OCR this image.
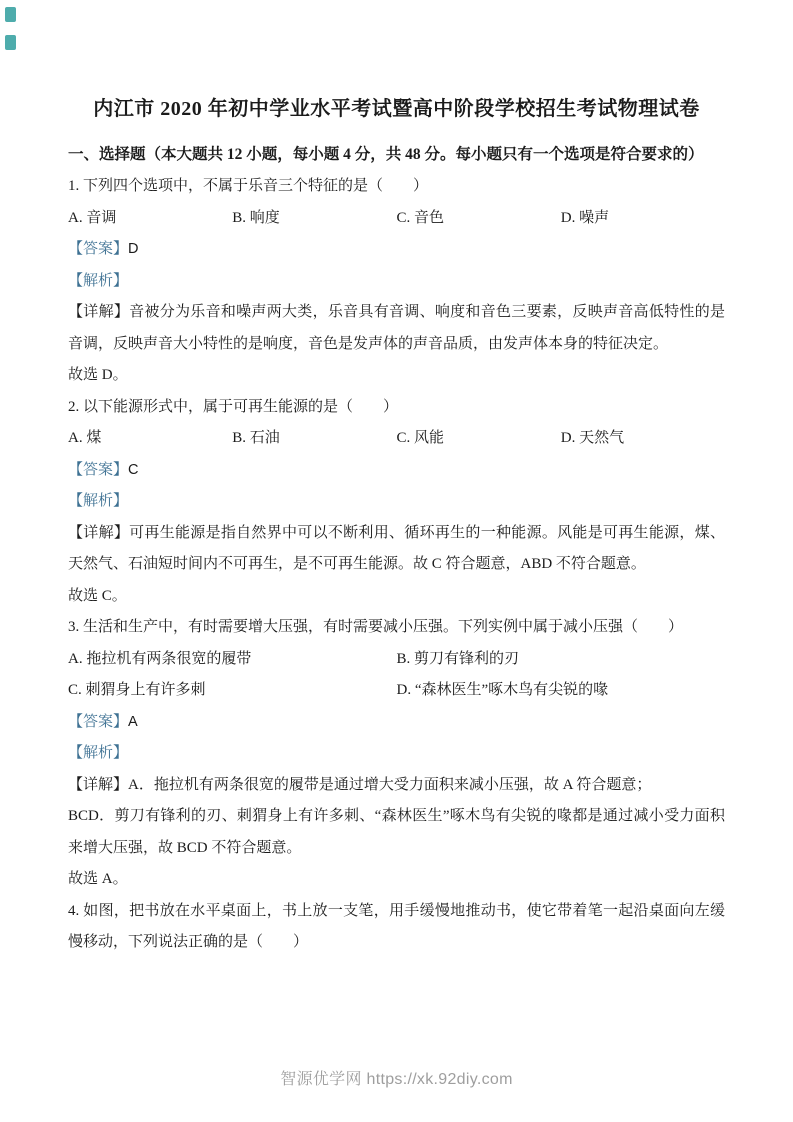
内江市 2020 年初中学业水平考试暨高中阶段学校招生考试物理试卷
一、选择题（本大题共 12 小题，每小题 4 分，共 48 分。每小题只有一个选项是符合要求的）

1. 下列四个选项中，不属于乐音三个特征的是（　　）

A. 音调	B. 响度	C. 音色	D. 噪声

【答案】D

【解析】

【详解】音被分为乐音和噪声两大类，乐音具有音调、响度和音色三要素，反映声音高低特性的是音调，反映声音大小特性的是响度，音色是发声体的声音品质，由发声体本身的特征决定。

故选 D。

2. 以下能源形式中，属于可再生能源的是（　　）

A. 煤	B. 石油	C. 风能	D. 天然气

【答案】C

【解析】

【详解】可再生能源是指自然界中可以不断利用、循环再生的一种能源。风能是可再生能源，煤、天然气、石油短时间内不可再生，是不可再生能源。故 C 符合题意，ABD 不符合题意。

故选 C。

3. 生活和生产中，有时需要增大压强，有时需要减小压强。下列实例中属于减小压强（　　）

A. 拖拉机有两条很宽的履带	B. 剪刀有锋利的刃
C. 刺猬身上有许多刺	D. “森林医生”啄木鸟有尖锐的喙

【答案】A

【解析】

【详解】A．拖拉机有两条很宽的履带是通过增大受力面积来减小压强，故 A 符合题意；

BCD．剪刀有锋利的刃、刺猬身上有许多刺、“森林医生”啄木鸟有尖锐的喙都是通过减小受力面积来增大压强，故 BCD 不符合题意。

故选 A。

4. 如图，把书放在水平桌面上，书上放一支笔，用手缓慢地推动书，使它带着笔一起沿桌面向左缓慢移动，下列说法正确的是（　　）

智源优学网 https://xk.92diy.com
